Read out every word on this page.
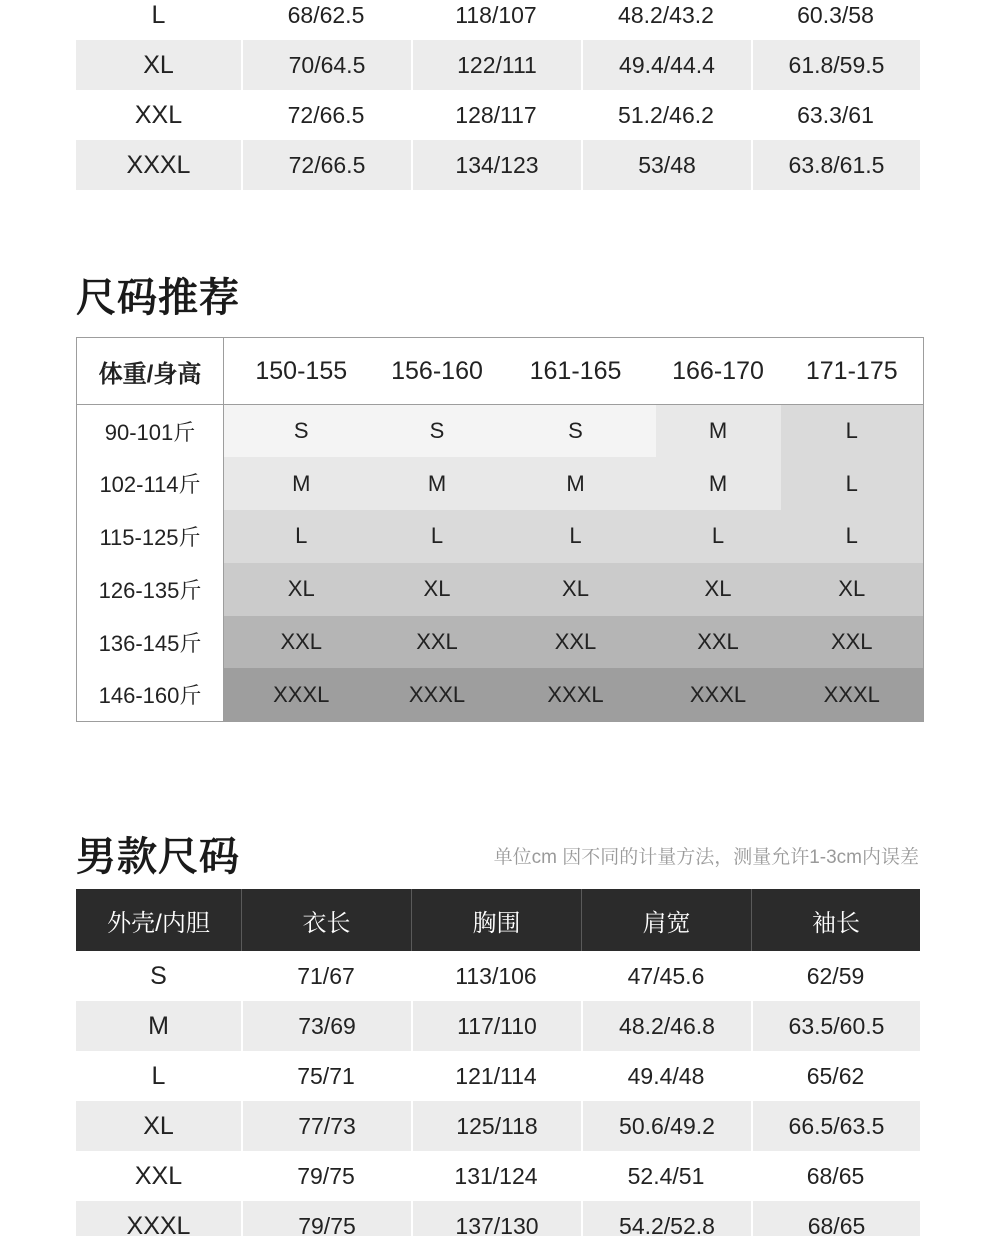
L	68/62.5	118/107	48.2/43.2	60.3/58
XL	70/64.5	122/111	49.4/44.4	61.8/59.5
XXL	72/66.5	128/117	51.2/46.2	63.3/61
XXXL	72/66.5	134/123	53/48	63.8/61.5
尺码推荐
体重/身高	150-155	156-160	161-165	166-170	171-175
90-101斤	S	S	S	M	L
102-114斤	M	M	M	M	L
115-125斤	L	L	L	L	L
126-135斤	XL	XL	XL	XL	XL
136-145斤	XXL	XXL	XXL	XXL	XXL
146-160斤	XXXL	XXXL	XXXL	XXXL	XXXL
男款尺码	单位cm 因不同的计量方法，测量允许1-3cm内误差
外壳/内胆	衣长	胸围	肩宽	袖长
S	71/67	113/106	47/45.6	62/59
M	73/69	117/110	48.2/46.8	63.5/60.5
L	75/71	121/114	49.4/48	65/62
XL	77/73	125/118	50.6/49.2	66.5/63.5
XXL	79/75	131/124	52.4/51	68/65
XXXL	79/75	137/130	54.2/52.8	68/65
